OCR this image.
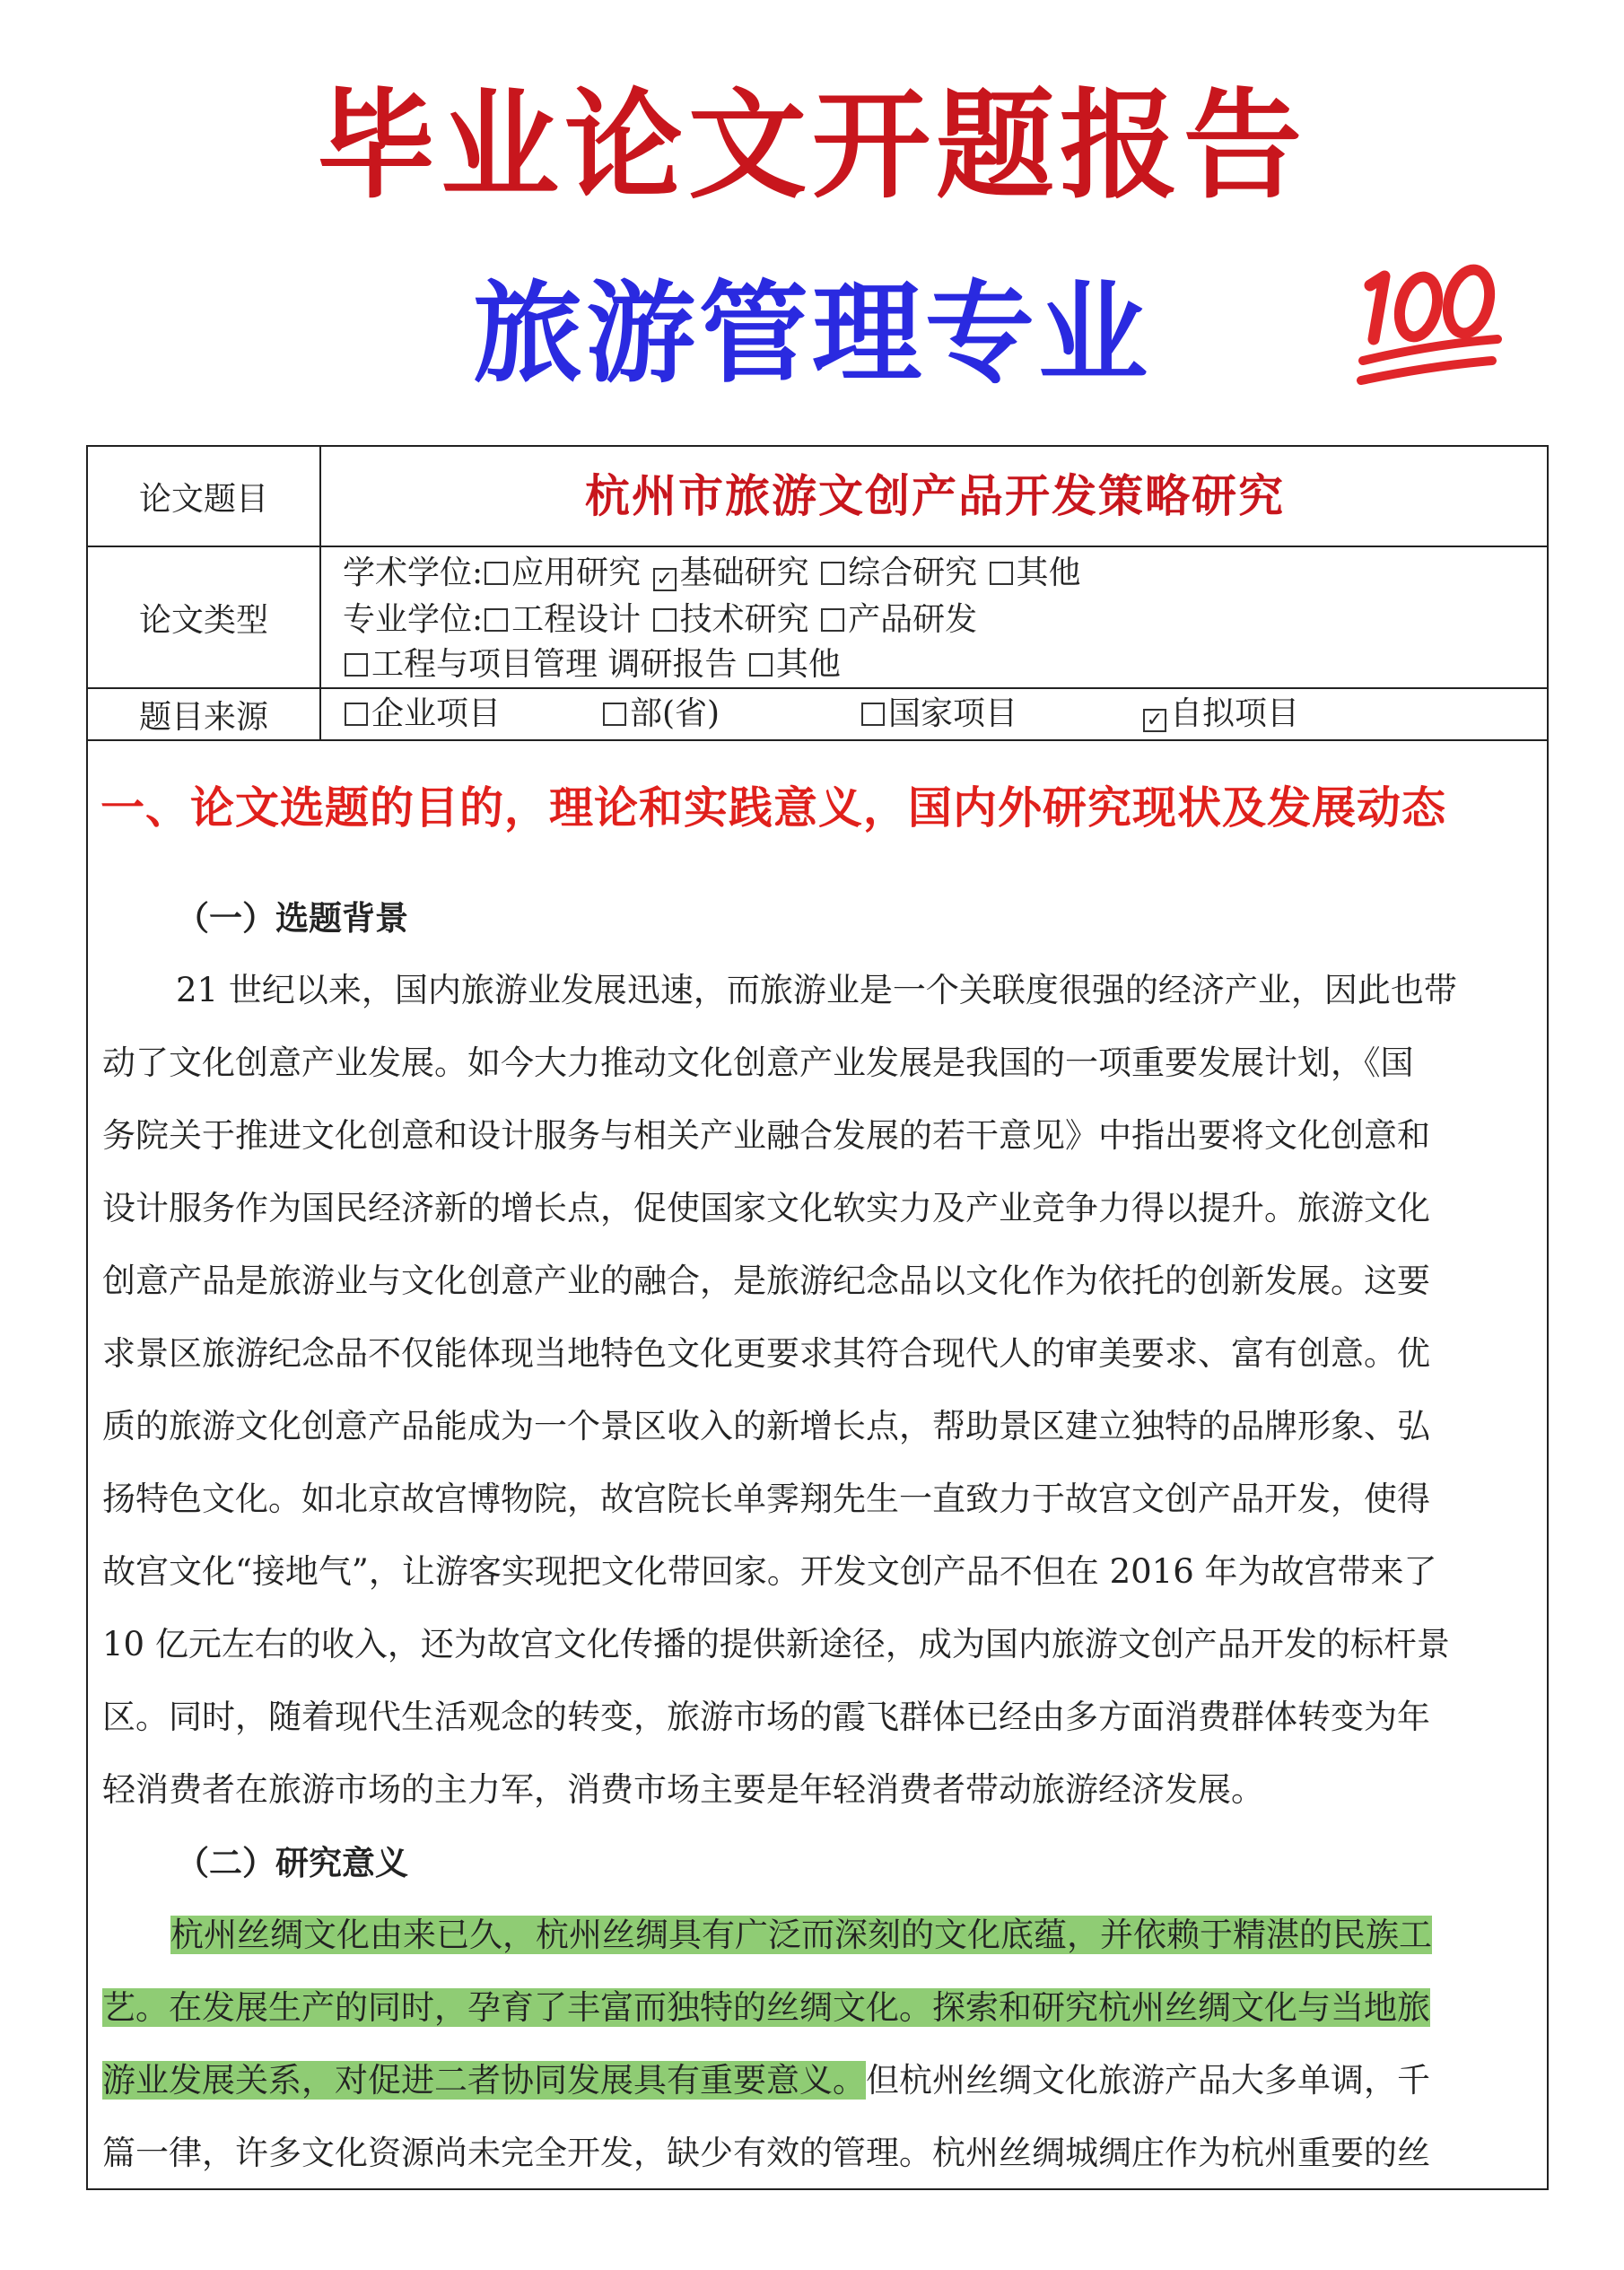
毕业论文开题报告
旅游管理专业
100
论文题目	杭州市旅游文创产品开发策略研究
论文类型
学术学位: 应用研究 ✓ 基础研究 综合研究 其他
专业学位: 工程设计 技术研究 产品研发
工程与项目管理 调研报告 其他
题目来源	企业项目	部(省)	国家项目	✓ 自拟项目
一、论文选题的目的，理论和实践意义，国内外研究现状及发展动态
（一）选题背景
21 世纪以来，国内旅游业发展迅速，而旅游业是一个关联度很强的经济产业，因此也带
动了文化创意产业发展。如今大力推动文化创意产业发展是我国的一项重要发展计划，《国
务院关于推进文化创意和设计服务与相关产业融合发展的若干意见》中指出要将文化创意和
设计服务作为国民经济新的增长点，促使国家文化软实力及产业竞争力得以提升。旅游文化
创意产品是旅游业与文化创意产业的融合，是旅游纪念品以文化作为依托的创新发展。这要
求景区旅游纪念品不仅能体现当地特色文化更要求其符合现代人的审美要求、富有创意。优
质的旅游文化创意产品能成为一个景区收入的新增长点，帮助景区建立独特的品牌形象、弘
扬特色文化。如北京故宫博物院，故宫院长单霁翔先生一直致力于故宫文创产品开发，使得
故宫文化“接地气”，让游客实现把文化带回家。开发文创产品不但在 2016 年为故宫带来了
10 亿元左右的收入，还为故宫文化传播的提供新途径，成为国内旅游文创产品开发的标杆景
区。同时，随着现代生活观念的转变，旅游市场的霞飞群体已经由多方面消费群体转变为年
轻消费者在旅游市场的主力军，消费市场主要是年轻消费者带动旅游经济发展。
（二）研究意义
杭州丝绸文化由来已久，杭州丝绸具有广泛而深刻的文化底蕴，并依赖于精湛的民族工
艺。在发展生产的同时，孕育了丰富而独特的丝绸文化。探索和研究杭州丝绸文化与当地旅
游业发展关系，对促进二者协同发展具有重要意义。但杭州丝绸文化旅游产品大多单调，千
篇一律，许多文化资源尚未完全开发，缺少有效的管理。杭州丝绸城绸庄作为杭州重要的丝
